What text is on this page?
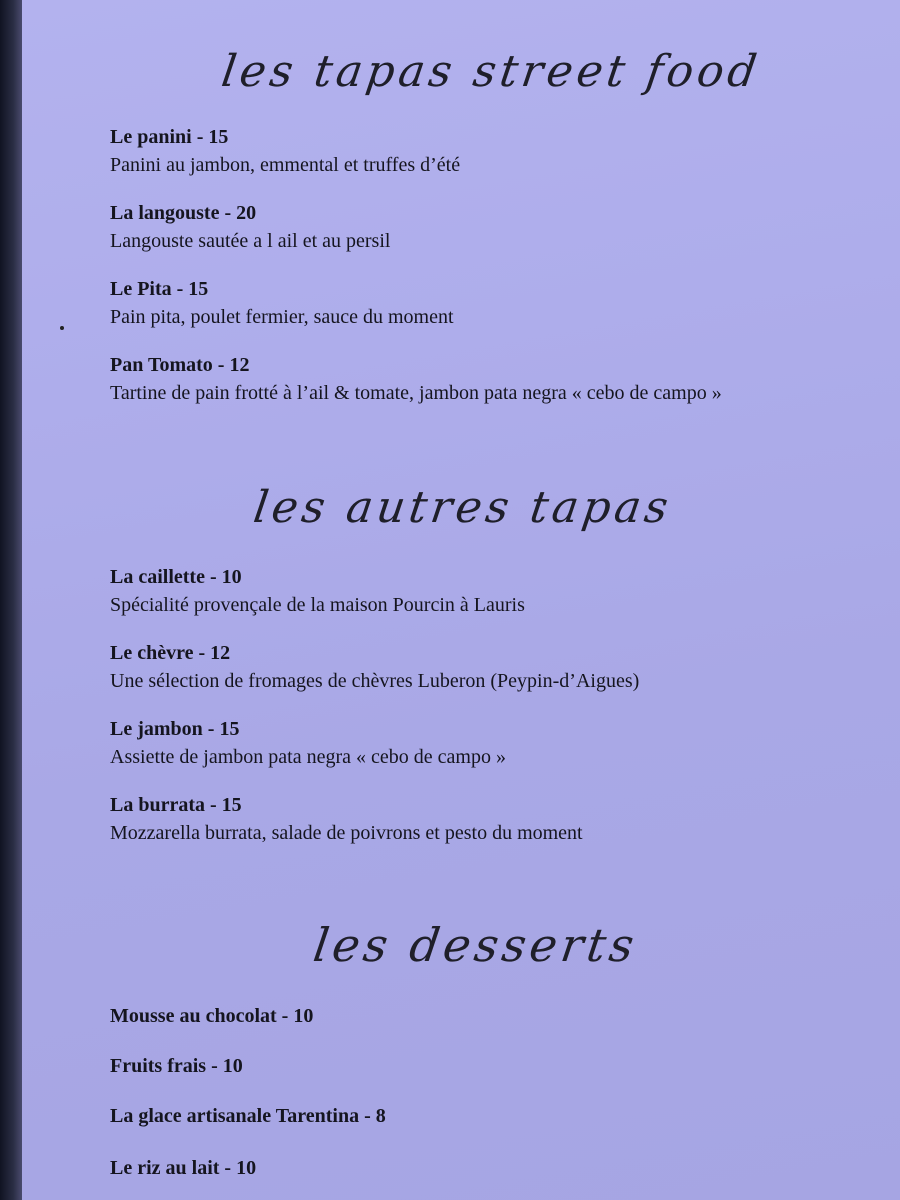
les tapas street food
Le panini - 15
Panini au jambon, emmental et truffes d’été
La langouste - 20
Langouste sautée a l ail et au persil
Le Pita - 15
Pain pita, poulet fermier, sauce du moment
Pan Tomato - 12
Tartine de pain frotté à l’ail & tomate, jambon pata negra « cebo de campo »
les autres tapas
La caillette - 10
Spécialité provençale de la maison Pourcin à Lauris
Le chèvre - 12
Une sélection de fromages de chèvres Luberon (Peypin-d’Aigues)
Le jambon - 15
Assiette de jambon pata negra « cebo de campo »
La burrata - 15
Mozzarella burrata, salade de poivrons et pesto du moment
les desserts
Mousse au chocolat - 10
Fruits frais - 10
La glace artisanale Tarentina - 8
Le riz au lait - 10
